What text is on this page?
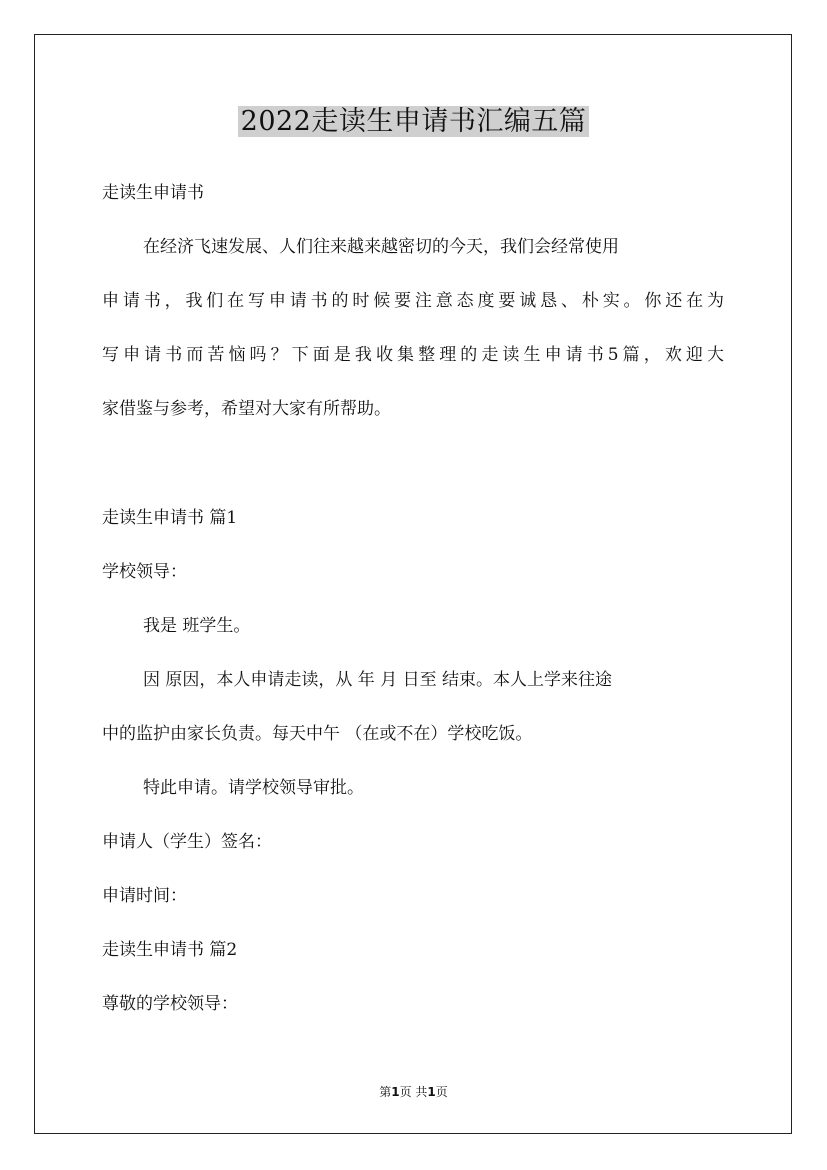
2022走读生申请书汇编五篇
走读生申请书
在经济飞速发展、人们往来越来越密切的今天，我们会经常使用
申请书，我们在写申请书的时候要注意态度要诚恳、朴实。你还在为
写申请书而苦恼吗？下面是我收集整理的走读生申请书5篇，欢迎大
家借鉴与参考，希望对大家有所帮助。
走读生申请书 篇1
学校领导：
我是 班学生。
因 原因，本人申请走读，从 年 月 日至 结束。本人上学来往途
中的监护由家长负责。每天中午 （在或不在）学校吃饭。
特此申请。请学校领导审批。
申请人（学生）签名：
申请时间：
走读生申请书 篇2
尊敬的学校领导：
第1页 共1页
